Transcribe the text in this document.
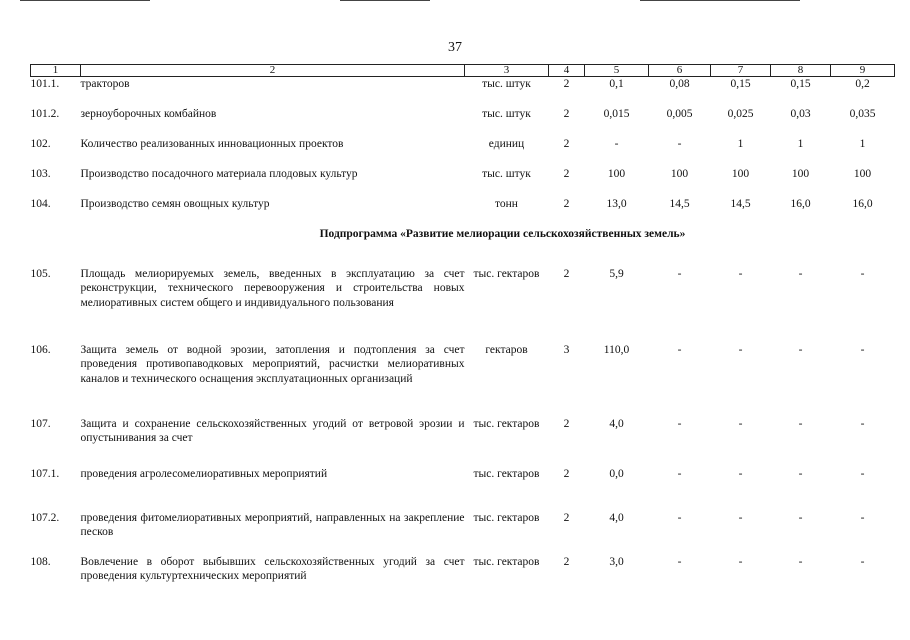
37
1	2	3	4	5	6	7	8	9
101.1.	тракторов	тыс. штук	2	0,1	0,08	0,15	0,15	0,2
101.2.	зерноуборочных комбайнов	тыс. штук	2	0,015	0,005	0,025	0,03	0,035
102.	Количество реализованных инновационных проектов	единиц	2	-	-	1	1	1
103.	Производство посадочного материала плодовых культур	тыс. штук	2	100	100	100	100	100
104.	Производство семян овощных культур	тонн	2	13,0	14,5	14,5	16,0	16,0
Подпрограмма «Развитие мелиорации сельскохозяйственных земель»								
105.	Площадь мелиорируемых земель, введенных в эксплуатацию за счет реконструкции, технического перевооружения и строительства новых мелиоративных систем общего и индивидуального пользования	тыс. гектаров	2	5,9	-	-	-	-
106.	Защита земель от водной эрозии, затопления и подтопления за счет проведения противопаводковых мероприятий, расчистки мелиоративных каналов и технического оснащения эксплуатационных организаций	гектаров	3	110,0	-	-	-	-
107.	Защита и сохранение сельскохозяйственных угодий от ветровой эрозии и опустынивания за счет	тыс. гектаров	2	4,0	-	-	-	-
107.1.	проведения агролесомелиоративных мероприятий	тыс. гектаров	2	0,0	-	-	-	-
107.2.	проведения фитомелиоративных мероприятий, направленных на закрепление песков	тыс. гектаров	2	4,0	-	-	-	-
108.	Вовлечение в оборот выбывших сельскохозяйственных угодий за счет проведения культуртехнических мероприятий	тыс. гектаров	2	3,0	-	-	-	-
